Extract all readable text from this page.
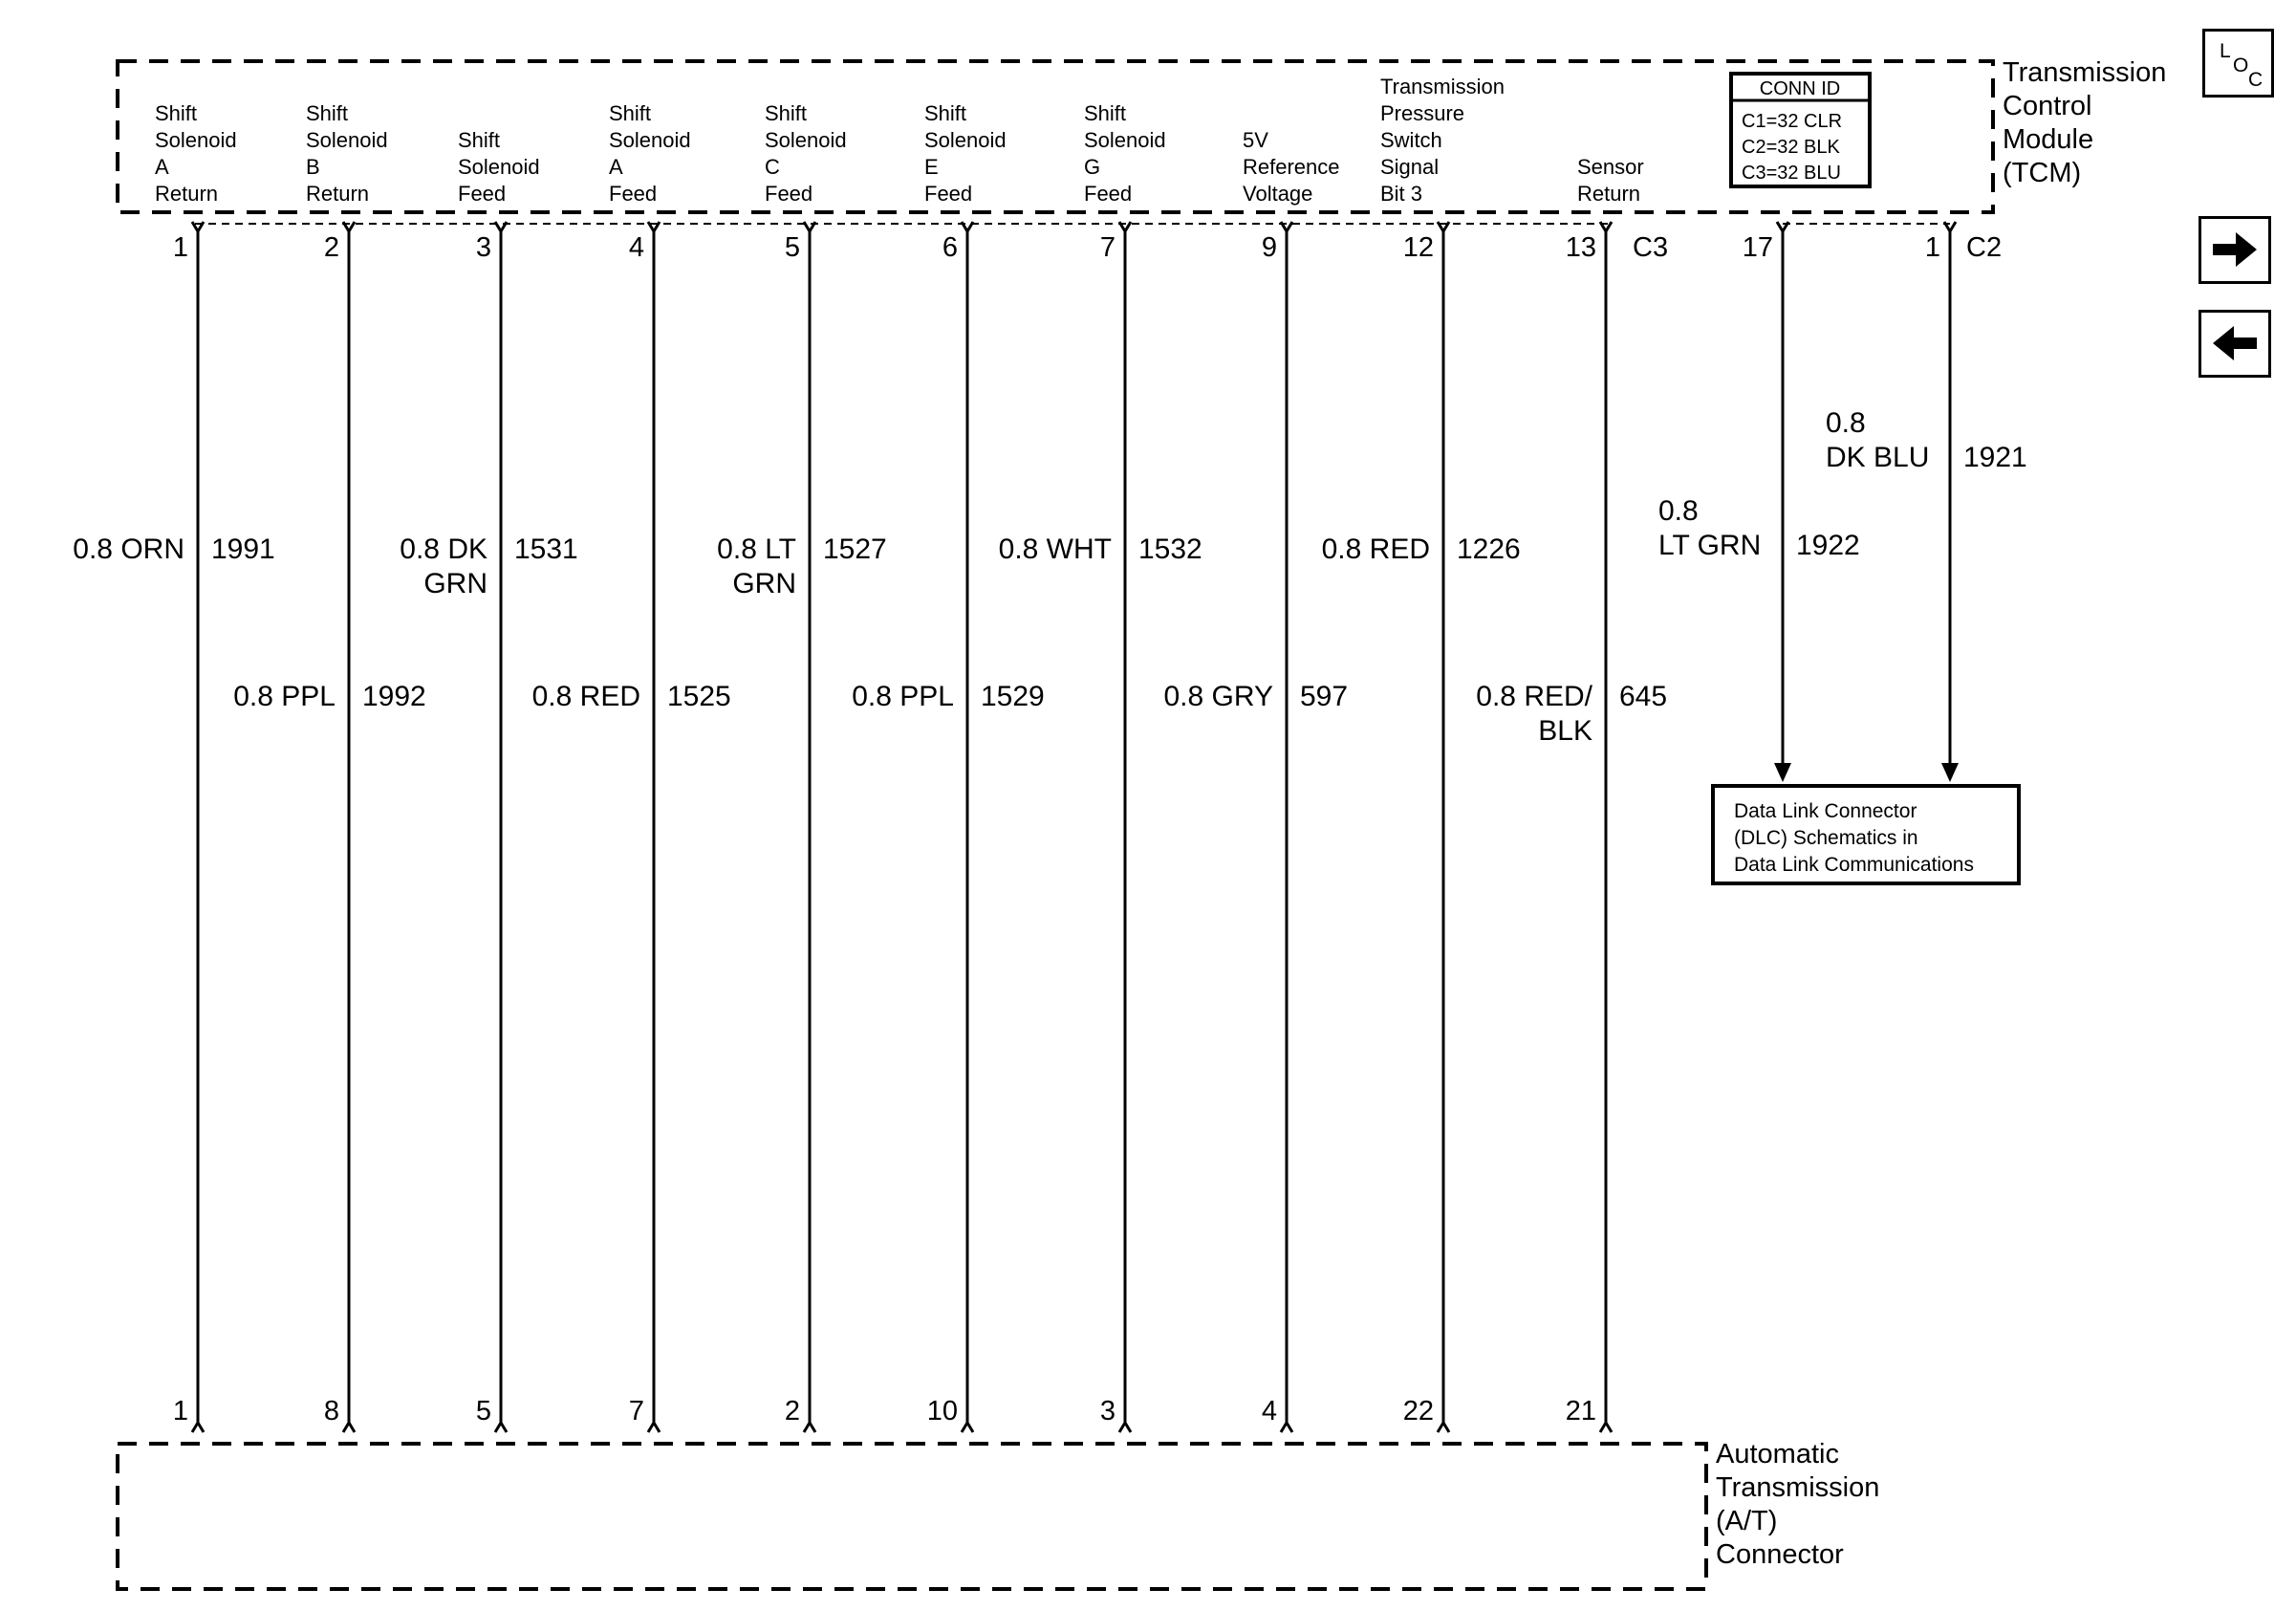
Transmission
Control
Module
(TCM)
CONN ID
C1=32 CLR
C2=32 BLK
C3=32 BLU
Automatic
Transmission
(A/T)
Connector
Shift
Solenoid
A
Return
1
1
0.8 ORN 1991
Shift
Solenoid
B
Return
2
8
0.8 PPL 1992
Shift
Solenoid
Feed
3
5
0.8 DK
GRN
1531
Shift
Solenoid
A
Feed
4
7
0.8 RED 1525
Shift
Solenoid
C
Feed
5
2
0.8 LT
GRN
1527
Shift
Solenoid
E
Feed
6
10
0.8 PPL 1529
Shift
Solenoid
G
Feed
7
3
0.8 WHT 1532
5V
Reference
Voltage
9
4
0.8 GRY 597
Transmission
Pressure
Switch
Signal
Bit 3
12
22
0.8 RED 1226
Sensor
Return
13
21
0.8 RED/
BLK
645
C3	17
0.8
LT GRN 1922
1
0.8
DK BLU 1921
C2
Data Link Connector
(DLC) Schematics in
Data Link Communications
L
O
C
